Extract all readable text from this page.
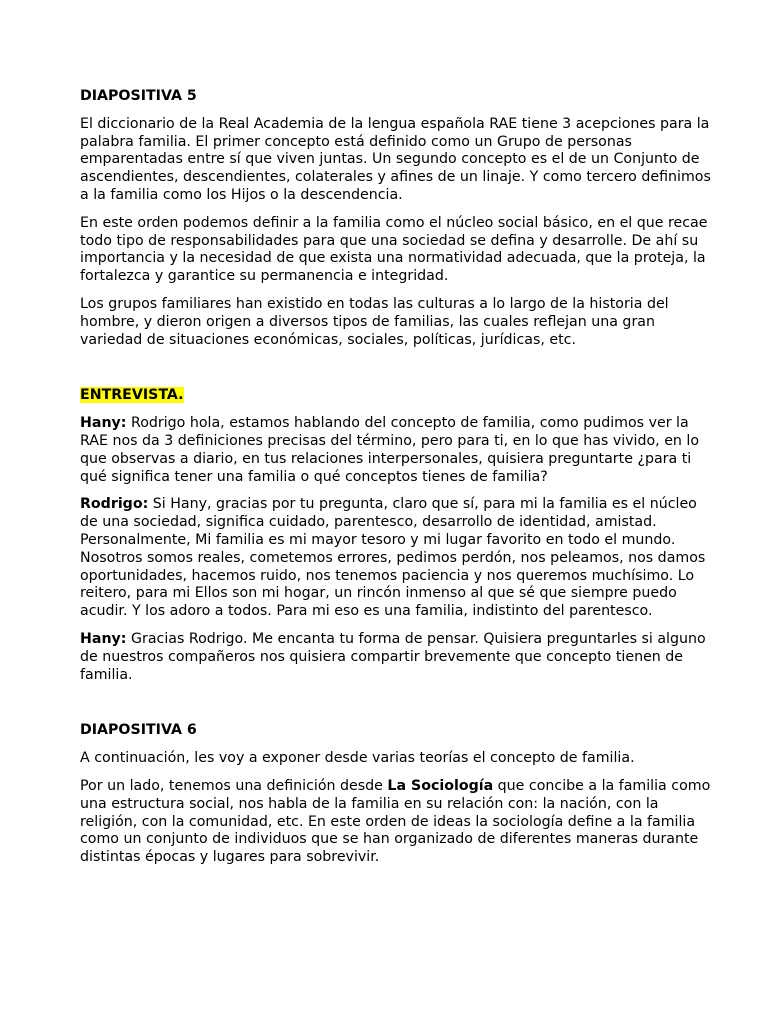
DIAPOSITIVA 5

El diccionario de la Real Academia de la lengua española RAE tiene 3 acepciones para la palabra familia. El primer concepto está definido como un Grupo de personas emparentadas entre sí que viven juntas. Un segundo concepto es el de un Conjunto de ascendientes, descendientes, colaterales y afines de un linaje. Y como tercero definimos a la familia como los Hijos o la descendencia.

En este orden podemos definir a la familia como el núcleo social básico, en el que recae todo tipo de responsabilidades para que una sociedad se defina y desarrolle. De ahí su importancia y la necesidad de que exista una normatividad adecuada, que la proteja, la fortalezca y garantice su permanencia e integridad.

Los grupos familiares han existido en todas las culturas a lo largo de la historia del hombre, y dieron origen a diversos tipos de familias, las cuales reflejan una gran variedad de situaciones económicas, sociales, políticas, jurídicas, etc.

ENTREVISTA.

Hany: Rodrigo hola, estamos hablando del concepto de familia, como pudimos ver la RAE nos da 3 definiciones precisas del término, pero para ti, en lo que has vivido, en lo que observas a diario, en tus relaciones interpersonales, quisiera preguntarte ¿para ti qué significa tener una familia o qué conceptos tienes de familia?

Rodrigo: Si Hany, gracias por tu pregunta, claro que sí, para mi la familia es el núcleo de una sociedad, significa cuidado, parentesco, desarrollo de identidad, amistad. Personalmente, Mi familia es mi mayor tesoro y mi lugar favorito en todo el mundo. Nosotros somos reales, cometemos errores, pedimos perdón, nos peleamos, nos damos oportunidades, hacemos ruido, nos tenemos paciencia y nos queremos muchísimo. Lo reitero, para mi Ellos son mi hogar, un rincón inmenso al que sé que siempre puedo acudir. Y los adoro a todos. Para mi eso es una familia, indistinto del parentesco.

Hany: Gracias Rodrigo. Me encanta tu forma de pensar. Quisiera preguntarles si alguno de nuestros compañeros nos quisiera compartir brevemente que concepto tienen de familia.

DIAPOSITIVA 6

A continuación, les voy a exponer desde varias teorías el concepto de familia.

Por un lado, tenemos una definición desde La Sociología que concibe a la familia como una estructura social, nos habla de la familia en su relación con: la nación, con la religión, con la comunidad, etc. En este orden de ideas la sociología define a la familia como un conjunto de individuos que se han organizado de diferentes maneras durante distintas épocas y lugares para sobrevivir.
